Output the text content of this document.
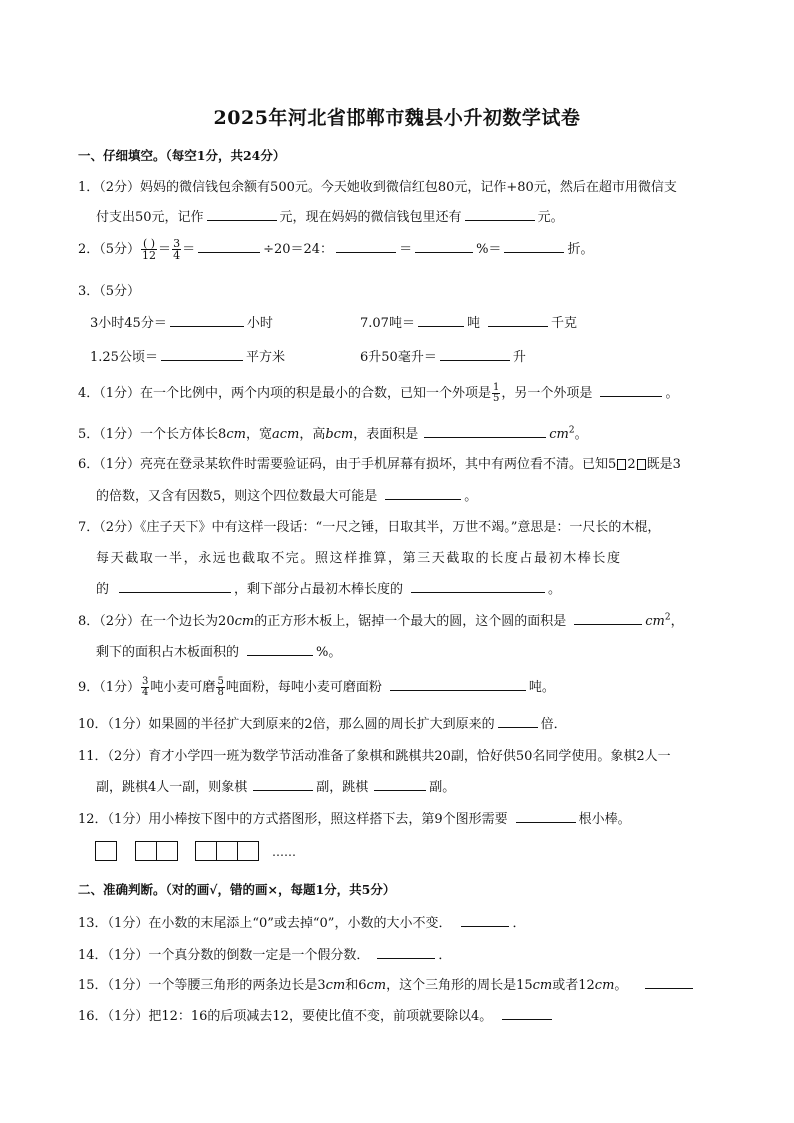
2025年河北省邯郸市魏县小升初数学试卷
一、仔细填空。（每空1分，共24分）
1．（2分）妈妈的微信钱包余额有500元。今天她收到微信红包80元，记作+80元，然后在超市用微信支
付支出50元，记作	元，现在妈妈的微信钱包里还有	元。
2．（5分） $\frac{( )}{12} = \frac{3}{4}$ ＝	÷20＝24：	＝	%＝	折。
3．（5分）
3小时45分＝	小时	7.07吨＝	吨	千克
1.25公顷＝	平方米	6升50毫升＝	升
4．（1分）在一个比例中，两个内项的积是最小的合数，已知一个外项是 $\frac{1}{5}$ ，另一个外项是	。
5．（1分）一个长方体长8cm，宽acm，高bcm，表面积是	$cm^2$。
6．（1分）亮亮在登录某软件时需要验证码，由于手机屏幕有损坏，其中有两位看不清。已知5 2 既是3
的倍数，又含有因数5，则这个四位数最大可能是	。
7．（2分）《庄子天下》中有这样一段话：“一尺之锤，日取其半，万世不竭。”意思是：一尺长的木棍，
每天截取一半，永远也截取不完。照这样推算，第三天截取的长度占最初木棒长度
的	，剩下部分占最初木棒长度的	。
8．（2分）在一个边长为20cm的正方形木板上，锯掉一个最大的圆，这个圆的面积是	$cm^2$，
剩下的面积占木板面积的	%。
9．（1分） $\frac{3}{4}$ 吨小麦可磨 $\frac{5}{8}$ 吨面粉，每吨小麦可磨面粉	吨。
10．（1分）如果圆的半径扩大到原来的2倍，那么圆的周长扩大到原来的	倍．
11．（2分）育才小学四一班为数学节活动准备了象棋和跳棋共20副，恰好供50名同学使用。象棋2人一
副，跳棋4人一副，则象棋	副，跳棋	副。
12．（1分）用小棒按下图中的方式搭图形，照这样搭下去，第9个图形需要	根小棒。
……
二、准确判断。（对的画√，错的画×，每题1分，共5分）
13．（1分）在小数的末尾添上“0”或去掉“0”，小数的大小不变．	．
14．（1分）一个真分数的倒数一定是一个假分数．	．
15．（1分）一个等腰三角形的两条边长是3cm和6cm，这个三角形的周长是15cm或者12cm。
16．（1分）把12：16的后项减去12，要使比值不变，前项就要除以4。
